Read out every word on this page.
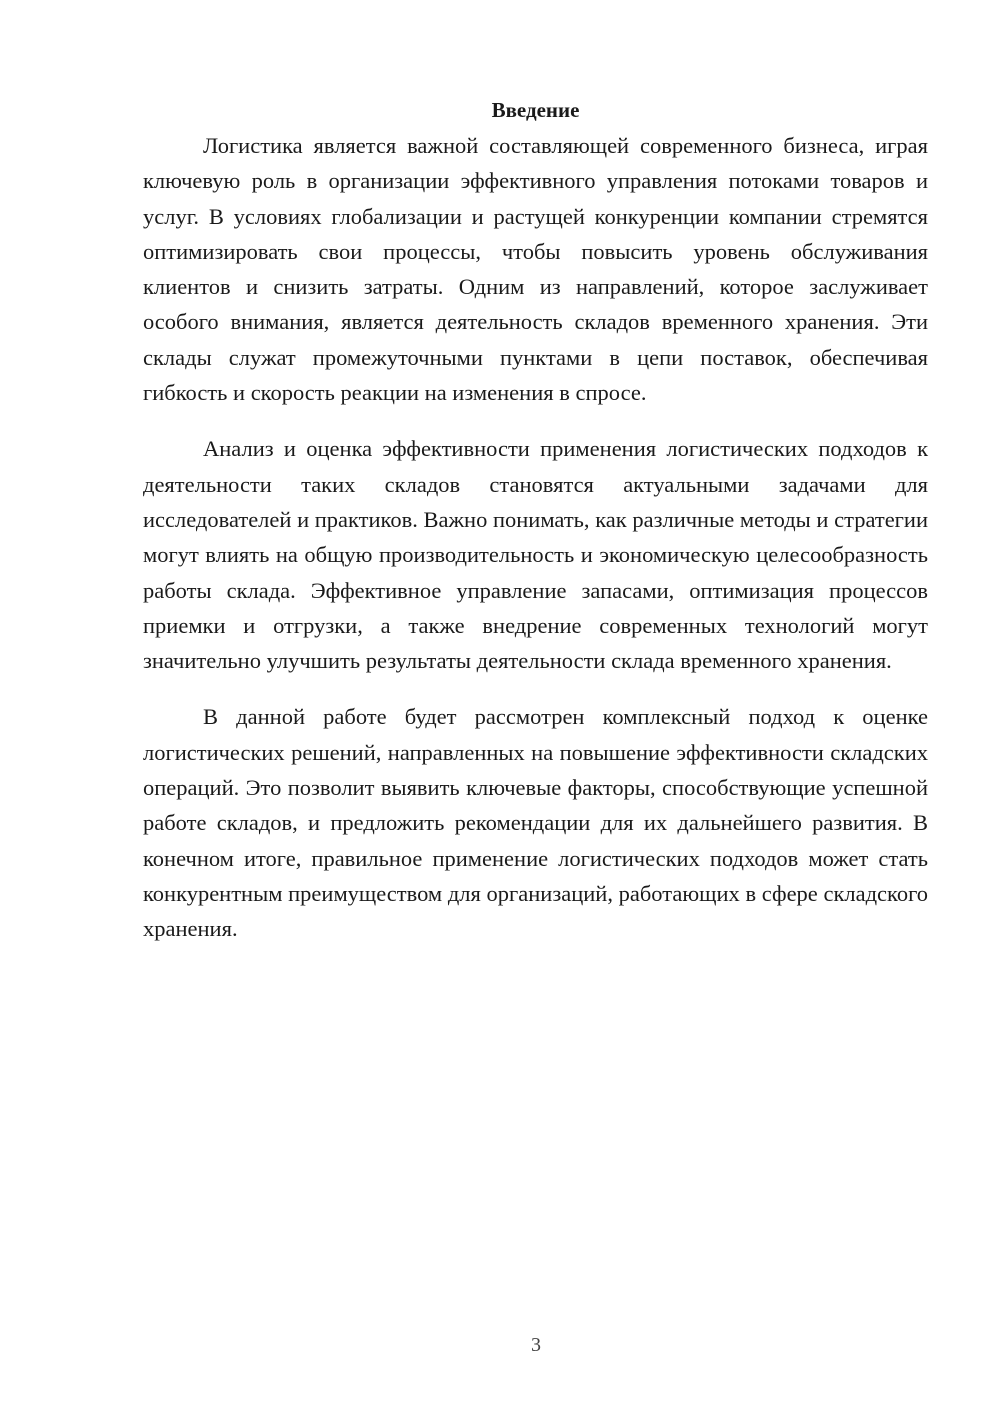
Введение

Логистика является важной составляющей современного бизнеса, играя ключевую роль в организации эффективного управления потоками товаров и услуг. В условиях глобализации и растущей конкуренции компании стремятся оптимизировать свои процессы, чтобы повысить уровень обслуживания клиентов и снизить затраты. Одним из направлений, которое заслуживает особого внимания, является деятельность складов временного хранения. Эти склады служат промежуточными пунктами в цепи поставок, обеспечивая гибкость и скорость реакции на изменения в спросе.

Анализ и оценка эффективности применения логистических подходов к деятельности таких складов становятся актуальными задачами для исследователей и практиков. Важно понимать, как различные методы и стратегии могут влиять на общую производительность и экономическую целесообразность работы склада. Эффективное управление запасами, оптимизация процессов приемки и отгрузки, а также внедрение современных технологий могут значительно улучшить результаты деятельности склада временного хранения.

В данной работе будет рассмотрен комплексный подход к оценке логистических решений, направленных на повышение эффективности складских операций. Это позволит выявить ключевые факторы, способствующие успешной работе складов, и предложить рекомендации для их дальнейшего развития. В конечном итоге, правильное применение логистических подходов может стать конкурентным преимуществом для организаций, работающих в сфере складского хранения.

3
